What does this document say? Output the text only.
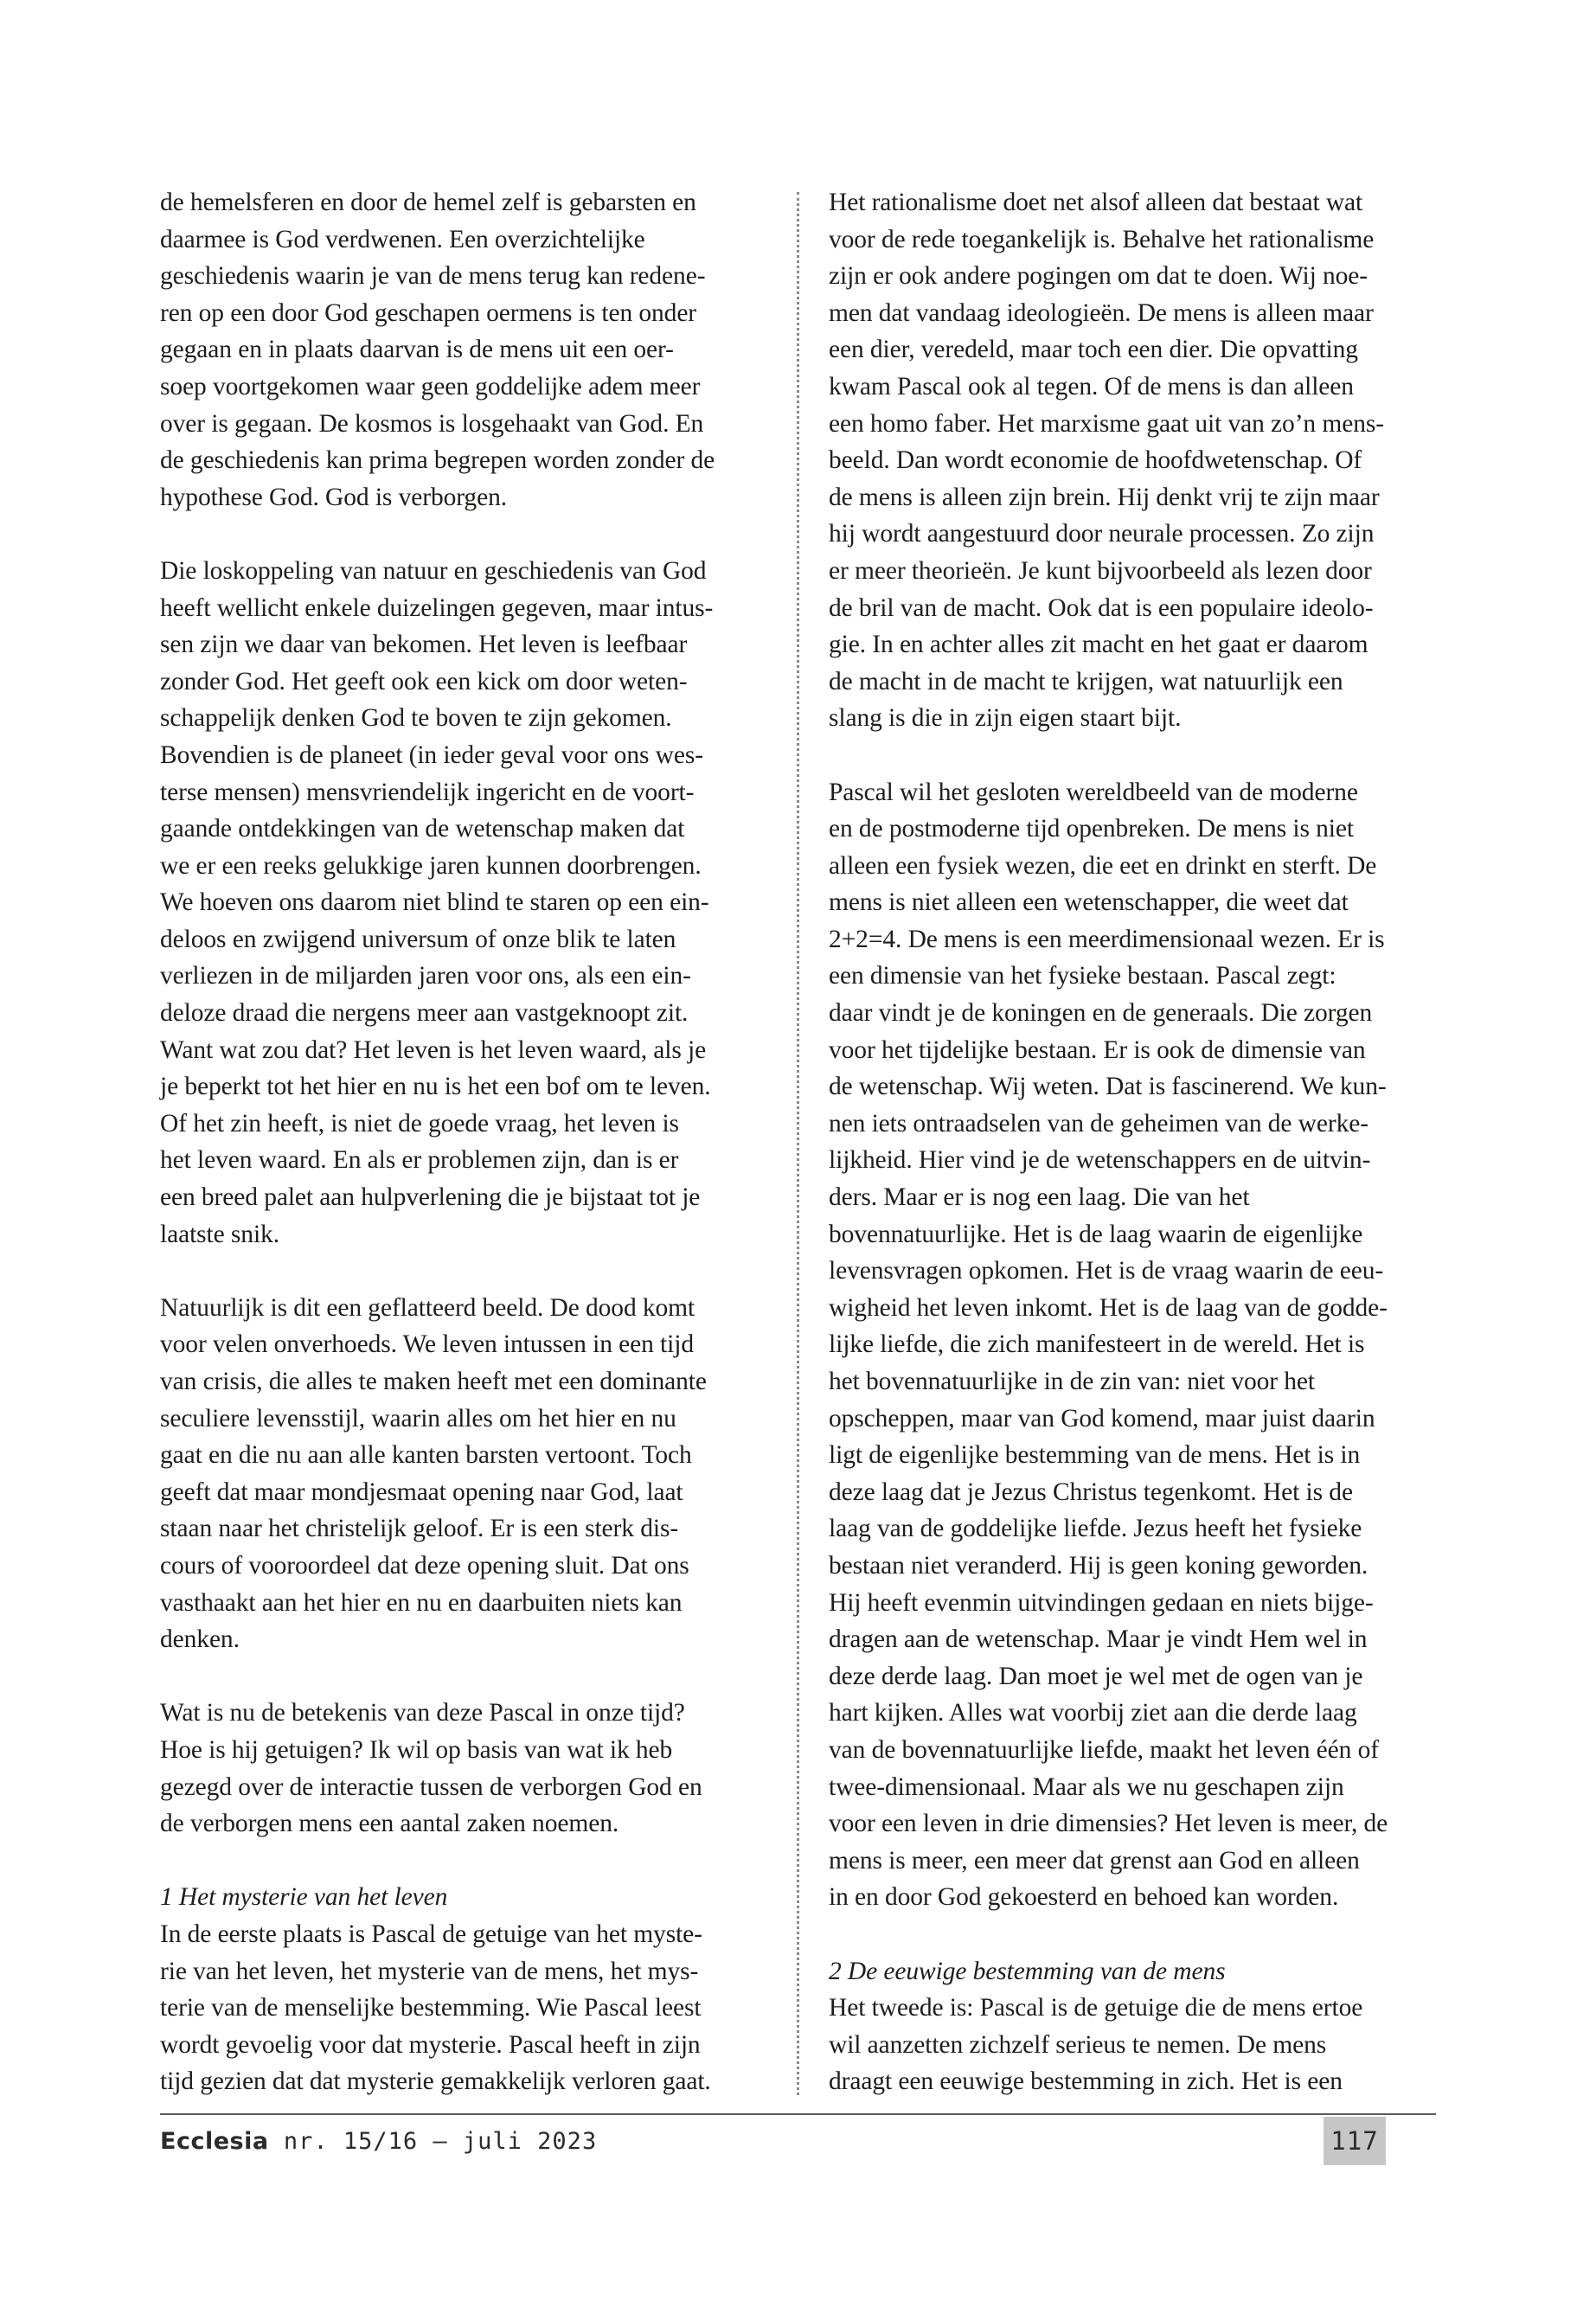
de hemelsferen en door de hemel zelf is gebarsten en
daarmee is God verdwenen. Een overzichtelijke
geschiedenis waarin je van de mens terug kan redene-
ren op een door God geschapen oermens is ten onder
gegaan en in plaats daarvan is de mens uit een oer-
soep voortgekomen waar geen goddelijke adem meer
over is gegaan. De kosmos is losgehaakt van God. En
de geschiedenis kan prima begrepen worden zonder de
hypothese God. God is verborgen.

Die loskoppeling van natuur en geschiedenis van God
heeft wellicht enkele duizelingen gegeven, maar intus-
sen zijn we daar van bekomen. Het leven is leefbaar
zonder God. Het geeft ook een kick om door weten-
schappelijk denken God te boven te zijn gekomen.
Bovendien is de planeet (in ieder geval voor ons wes-
terse mensen) mensvriendelijk ingericht en de voort-
gaande ontdekkingen van de wetenschap maken dat
we er een reeks gelukkige jaren kunnen doorbrengen.
We hoeven ons daarom niet blind te staren op een ein-
deloos en zwijgend universum of onze blik te laten
verliezen in de miljarden jaren voor ons, als een ein-
deloze draad die nergens meer aan vastgeknoopt zit.
Want wat zou dat? Het leven is het leven waard, als je
je beperkt tot het hier en nu is het een bof om te leven.
Of het zin heeft, is niet de goede vraag, het leven is
het leven waard. En als er problemen zijn, dan is er
een breed palet aan hulpverlening die je bijstaat tot je
laatste snik.

Natuurlijk is dit een geflatteerd beeld. De dood komt
voor velen onverhoeds. We leven intussen in een tijd
van crisis, die alles te maken heeft met een dominante
seculiere levensstijl, waarin alles om het hier en nu
gaat en die nu aan alle kanten barsten vertoont. Toch
geeft dat maar mondjesmaat opening naar God, laat
staan naar het christelijk geloof. Er is een sterk dis-
cours of vooroordeel dat deze opening sluit. Dat ons
vasthaakt aan het hier en nu en daarbuiten niets kan
denken.

Wat is nu de betekenis van deze Pascal in onze tijd?
Hoe is hij getuigen? Ik wil op basis van wat ik heb
gezegd over de interactie tussen de verborgen God en
de verborgen mens een aantal zaken noemen.

1 Het mysterie van het leven

In de eerste plaats is Pascal de getuige van het myste-
rie van het leven, het mysterie van de mens, het mys-
terie van de menselijke bestemming. Wie Pascal leest
wordt gevoelig voor dat mysterie. Pascal heeft in zijn
tijd gezien dat dat mysterie gemakkelijk verloren gaat.

Het rationalisme doet net alsof alleen dat bestaat wat
voor de rede toegankelijk is. Behalve het rationalisme
zijn er ook andere pogingen om dat te doen. Wij noe-
men dat vandaag ideologieën. De mens is alleen maar
een dier, veredeld, maar toch een dier. Die opvatting
kwam Pascal ook al tegen. Of de mens is dan alleen
een homo faber. Het marxisme gaat uit van zo’n mens-
beeld. Dan wordt economie de hoofdwetenschap. Of
de mens is alleen zijn brein. Hij denkt vrij te zijn maar
hij wordt aangestuurd door neurale processen. Zo zijn
er meer theorieën. Je kunt bijvoorbeeld als lezen door
de bril van de macht. Ook dat is een populaire ideolo-
gie. In en achter alles zit macht en het gaat er daarom
de macht in de macht te krijgen, wat natuurlijk een
slang is die in zijn eigen staart bijt.

Pascal wil het gesloten wereldbeeld van de moderne
en de postmoderne tijd openbreken. De mens is niet
alleen een fysiek wezen, die eet en drinkt en sterft. De
mens is niet alleen een wetenschapper, die weet dat
2+2=4. De mens is een meerdimensionaal wezen. Er is
een dimensie van het fysieke bestaan. Pascal zegt:
daar vindt je de koningen en de generaals. Die zorgen
voor het tijdelijke bestaan. Er is ook de dimensie van
de wetenschap. Wij weten. Dat is fascinerend. We kun-
nen iets ontraadselen van de geheimen van de werke-
lijkheid. Hier vind je de wetenschappers en de uitvin-
ders. Maar er is nog een laag. Die van het
bovennatuurlijke. Het is de laag waarin de eigenlijke
levensvragen opkomen. Het is de vraag waarin de eeu-
wigheid het leven inkomt. Het is de laag van de godde-
lijke liefde, die zich manifesteert in de wereld. Het is
het bovennatuurlijke in de zin van: niet voor het
opscheppen, maar van God komend, maar juist daarin
ligt de eigenlijke bestemming van de mens. Het is in
deze laag dat je Jezus Christus tegenkomt. Het is de
laag van de goddelijke liefde. Jezus heeft het fysieke
bestaan niet veranderd. Hij is geen koning geworden.
Hij heeft evenmin uitvindingen gedaan en niets bijge-
dragen aan de wetenschap. Maar je vindt Hem wel in
deze derde laag. Dan moet je wel met de ogen van je
hart kijken. Alles wat voorbij ziet aan die derde laag
van de bovennatuurlijke liefde, maakt het leven één of
twee-dimensionaal. Maar als we nu geschapen zijn
voor een leven in drie dimensies? Het leven is meer, de
mens is meer, een meer dat grenst aan God en alleen
in en door God gekoesterd en behoed kan worden.

2 De eeuwige bestemming van de mens

Het tweede is: Pascal is de getuige die de mens ertoe
wil aanzetten zichzelf serieus te nemen. De mens
draagt een eeuwige bestemming in zich. Het is een

Ecclesia nr. 15/16 – juli 2023	117
